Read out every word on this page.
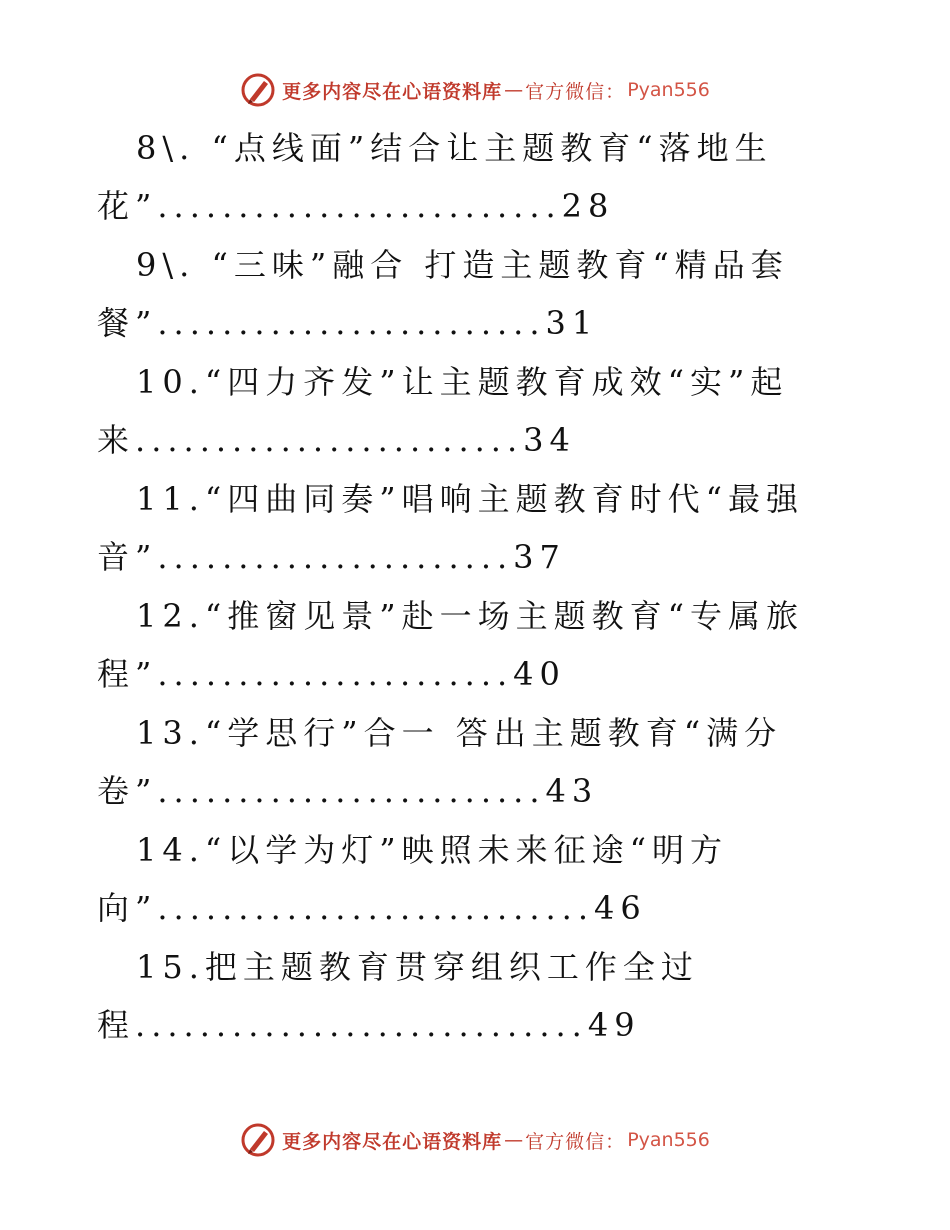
更多内容尽在心语资料库 — 官方微信： Pyan556
8\. “点线面”结合让主题教育“落地生
花”.........................28
9\. “三味”融合 打造主题教育“精品套
餐”........................31
10.“四力齐发”让主题教育成效“实”起
来........................34
11.“四曲同奏”唱响主题教育时代“最强
音”......................37
12.“推窗见景”赴一场主题教育“专属旅
程”......................40
13.“学思行”合一 答出主题教育“满分
卷”........................43
14.“以学为灯”映照未来征途“明方
向”...........................46
15.把主题教育贯穿组织工作全过
程............................49
更多内容尽在心语资料库 — 官方微信： Pyan556
